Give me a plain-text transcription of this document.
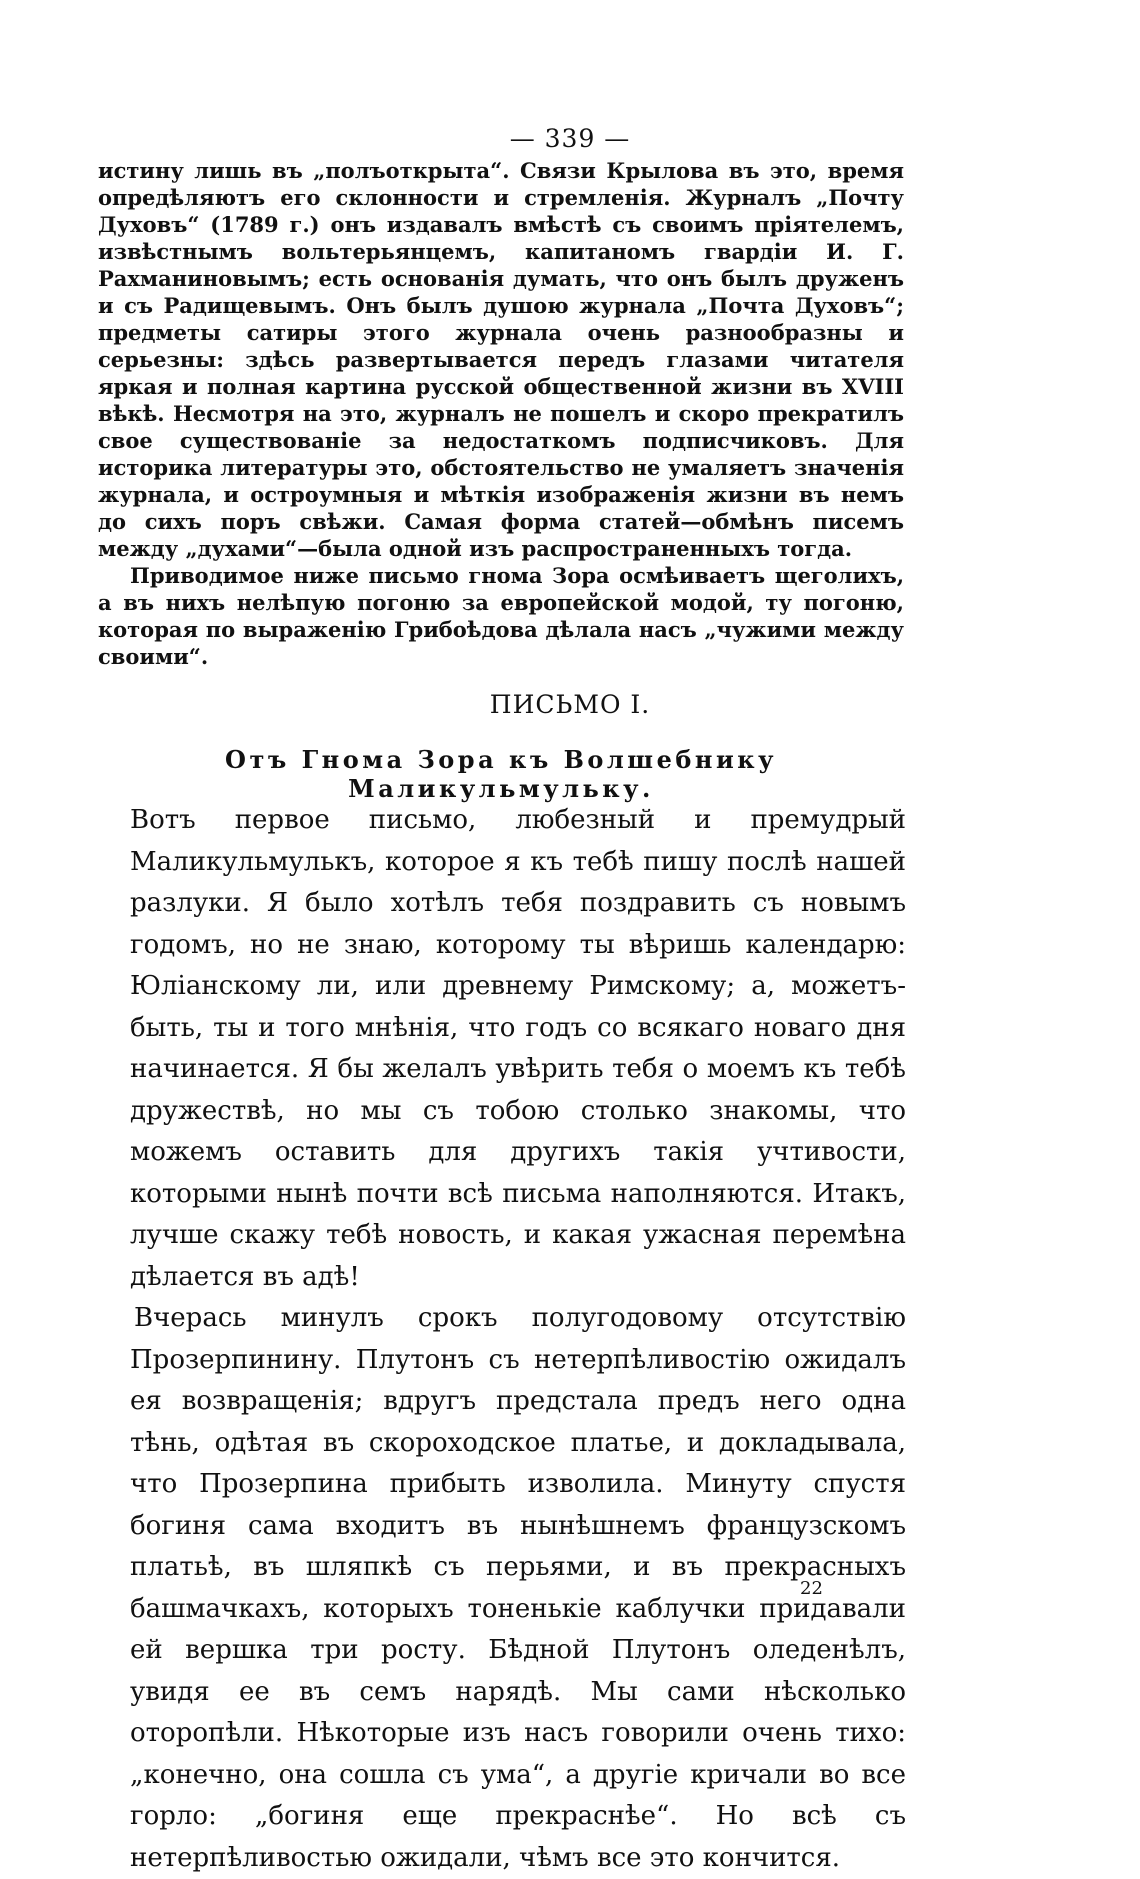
— 339 —

истину лишь въ „полъоткрыта“. Связи Крылова въ это, время опредѣляютъ его склонности и стремленія. Журналъ „Почту Духовъ“ (1789 г.) онъ издавалъ вмѣстѣ съ своимъ пріятелемъ, извѣстнымъ вольтерьянцемъ, капитаномъ гвардіи И. Г. Рахманиновымъ; есть основанія думать, что онъ былъ друженъ и съ Радищевымъ. Онъ былъ душою журнала „Почта Духовъ“; предметы сатиры этого журнала очень разнообразны и серьезны: здѣсь развертывается передъ глазами читателя яркая и полная картина русской общественной жизни въ XVIII вѣкѣ. Несмотря на это, журналъ не пошелъ и скоро прекратилъ свое существованіе за недостаткомъ подписчиковъ. Для историка литературы это, обстоятельство не умаляетъ значенія журнала, и остроумныя и мѣткія изображенія жизни въ немъ до сихъ поръ свѣжи. Самая форма статей—обмѣнъ писемъ между „духами“—была одной изъ распространенныхъ тогда.

Приводимое ниже письмо гнома Зора осмѣиваетъ щеголихъ, а въ нихъ нелѣпую погоню за европейской модой, ту погоню, которая по выраженію Грибоѣдова дѣлала насъ „чужими между своими“.

ПИСЬМО I.
Отъ Гнома Зора къ Волшебнику Маликульмульку.

Вотъ первое письмо, любезный и премудрый Маликульмулькъ, которое я къ тебѣ пишу послѣ нашей разлуки. Я было хотѣлъ тебя поздравить съ новымъ годомъ, но не знаю, которому ты вѣришь календарю: Юліанскому ли, или древнему Римскому; а, можетъ-быть, ты и того мнѣнія, что годъ со всякаго новаго дня начинается. Я бы желалъ увѣрить тебя о моемъ къ тебѣ дружествѣ, но мы съ тобою столько знакомы, что можемъ оставить для другихъ такія учтивости, которыми нынѣ почти всѣ письма наполняются. Итакъ, лучше скажу тебѣ новость, и какая ужасная перемѣна дѣлается въ адѣ!

Вчерась минулъ срокъ полугодовому отсутствію Прозерпинину. Плутонъ съ нетерпѣливостію ожидалъ ея возвращенія; вдругъ предстала предъ него одна тѣнь, одѣтая въ скороходское платье, и докладывала, что Прозерпина прибыть изволила. Минуту спустя богиня сама входитъ въ нынѣшнемъ французскомъ платьѣ, въ шляпкѣ съ перьями, и въ прекрасныхъ башмачкахъ, которыхъ тоненькіе каблучки придавали ей вершка три росту. Бѣдной Плутонъ оледенѣлъ, увидя ее въ семъ нарядѣ. Мы сами нѣсколько оторопѣли. Нѣкоторые изъ насъ говорили очень тихо: „конечно, она сошла съ ума“, а другіе кричали во все горло: „богиня еще прекраснѣе“. Но всѣ съ нетерпѣливостью ожидали, чѣмъ все это кончится.

22
